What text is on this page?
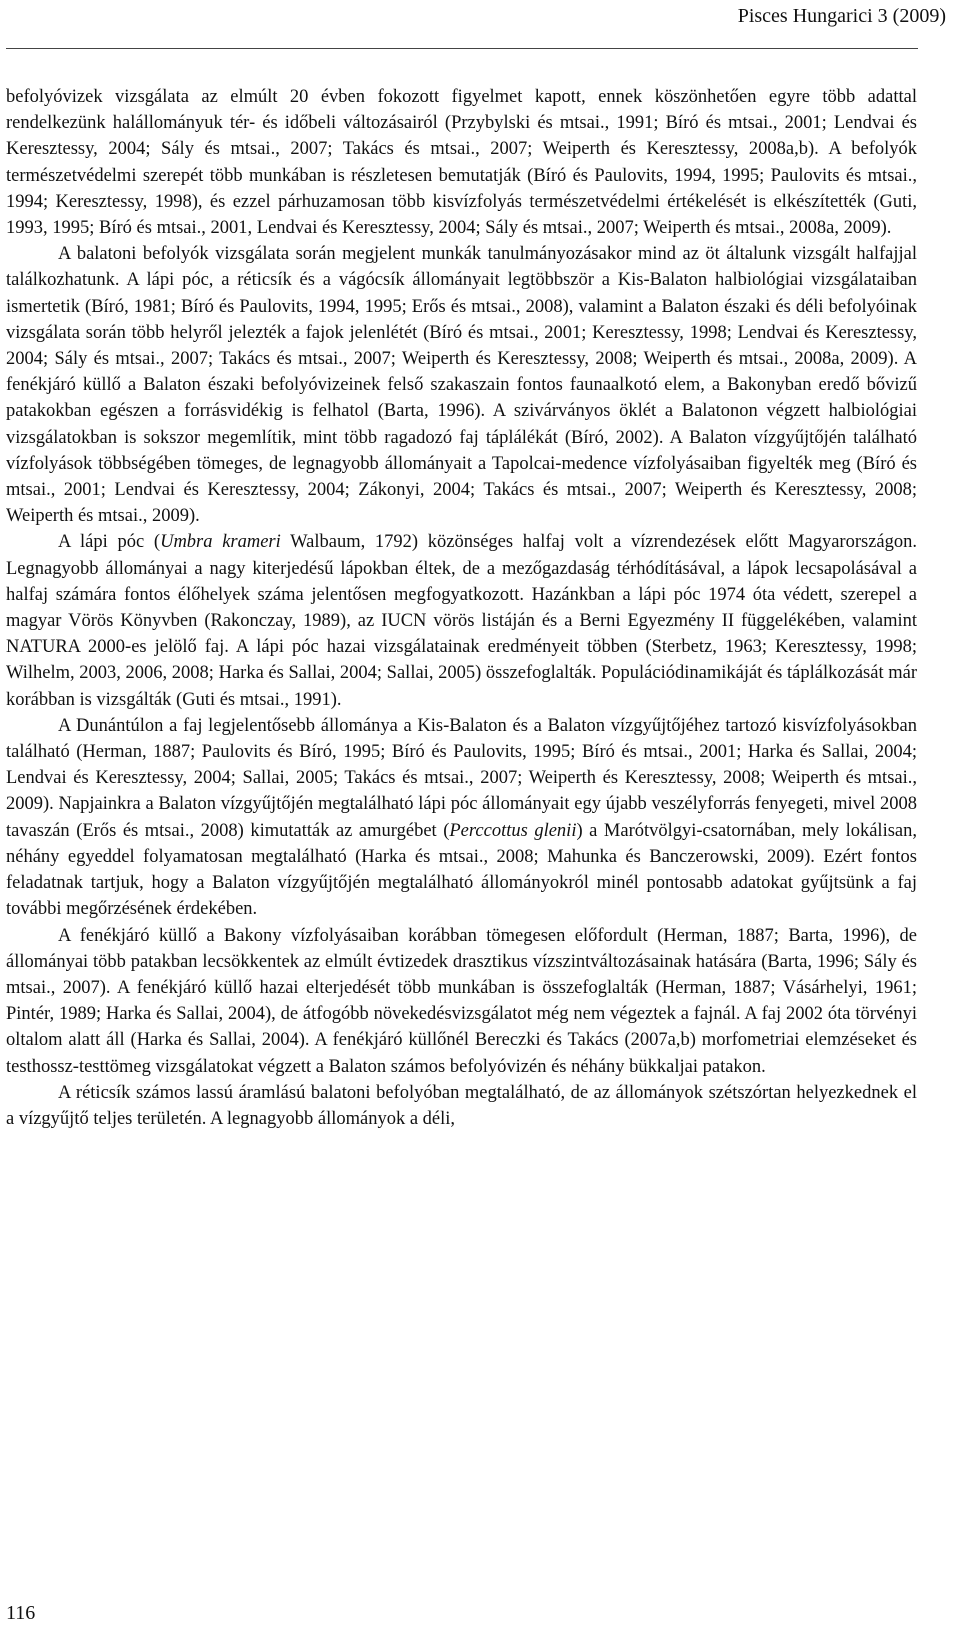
Pisces Hungarici 3 (2009)

befolyóvizek vizsgálata az elmúlt 20 évben fokozott figyelmet kapott, ennek köszönhetően egyre több adattal rendelkezünk halállományuk tér- és időbeli változásairól (Przybylski és mtsai., 1991; Bíró és mtsai., 2001; Lendvai és Keresztessy, 2004; Sály és mtsai., 2007; Takács és mtsai., 2007; Weiperth és Keresztessy, 2008a,b). A befolyók természetvédelmi szerepét több munkában is részletesen bemutatják (Bíró és Paulovits, 1994, 1995; Paulovits és mtsai., 1994; Keresztessy, 1998), és ezzel párhuzamosan több kisvízfolyás természetvédelmi értékelését is elkészítették (Guti, 1993, 1995; Bíró és mtsai., 2001, Lendvai és Keresztessy, 2004; Sály és mtsai., 2007; Weiperth és mtsai., 2008a, 2009).

A balatoni befolyók vizsgálata során megjelent munkák tanulmányozásakor mind az öt általunk vizsgált halfajjal találkozhatunk. A lápi póc, a réticsík és a vágócsík állományait legtöbbször a Kis-Balaton halbiológiai vizsgálataiban ismertetik (Bíró, 1981; Bíró és Paulovits, 1994, 1995; Erős és mtsai., 2008), valamint a Balaton északi és déli befolyóinak vizsgálata során több helyről jelezték a fajok jelenlétét (Bíró és mtsai., 2001; Keresztessy, 1998; Lendvai és Keresztessy, 2004; Sály és mtsai., 2007; Takács és mtsai., 2007; Weiperth és Keresztessy, 2008; Weiperth és mtsai., 2008a, 2009). A fenékjáró küllő a Balaton északi befolyóvizeinek felső szakaszain fontos faunaalkotó elem, a Bakonyban eredő bővizű patakokban egészen a forrásvidékig is felhatol (Barta, 1996). A szivárványos öklét a Balatonon végzett halbiológiai vizsgálatokban is sokszor megemlítik, mint több ragadozó faj táplálékát (Bíró, 2002). A Balaton vízgyűjtőjén található vízfolyások többségében tömeges, de legnagyobb állományait a Tapolcai-medence vízfolyásaiban figyelték meg (Bíró és mtsai., 2001; Lendvai és Keresztessy, 2004; Zákonyi, 2004; Takács és mtsai., 2007; Weiperth és Keresztessy, 2008; Weiperth és mtsai., 2009).

A lápi póc (Umbra krameri Walbaum, 1792) közönséges halfaj volt a vízrendezések előtt Magyarországon. Legnagyobb állományai a nagy kiterjedésű lápokban éltek, de a mezőgazdaság térhódításával, a lápok lecsapolásával a halfaj számára fontos élőhelyek száma jelentősen megfogyatkozott. Hazánkban a lápi póc 1974 óta védett, szerepel a magyar Vörös Könyvben (Rakonczay, 1989), az IUCN vörös listáján és a Berni Egyezmény II függelékében, valamint NATURA 2000-es jelölő faj. A lápi póc hazai vizsgálatainak eredményeit többen (Sterbetz, 1963; Keresztessy, 1998; Wilhelm, 2003, 2006, 2008; Harka és Sallai, 2004; Sallai, 2005) összefoglalták. Populációdinamikáját és táplálkozását már korábban is vizsgálták (Guti és mtsai., 1991).

A Dunántúlon a faj legjelentősebb állománya a Kis-Balaton és a Balaton vízgyűjtőjéhez tartozó kisvízfolyásokban található (Herman, 1887; Paulovits és Bíró, 1995; Bíró és Paulovits, 1995; Bíró és mtsai., 2001; Harka és Sallai, 2004; Lendvai és Keresztessy, 2004; Sallai, 2005; Takács és mtsai., 2007; Weiperth és Keresztessy, 2008; Weiperth és mtsai., 2009). Napjainkra a Balaton vízgyűjtőjén megtalálható lápi póc állományait egy újabb veszélyforrás fenyegeti, mivel 2008 tavaszán (Erős és mtsai., 2008) kimutatták az amurgébet (Perccottus glenii) a Marótvölgyi-csatornában, mely lokálisan, néhány egyeddel folyamatosan megtalálható (Harka és mtsai., 2008; Mahunka és Banczerowski, 2009). Ezért fontos feladatnak tartjuk, hogy a Balaton vízgyűjtőjén megtalálható állományokról minél pontosabb adatokat gyűjtsünk a faj további megőrzésének érdekében.

A fenékjáró küllő a Bakony vízfolyásaiban korábban tömegesen előfordult (Herman, 1887; Barta, 1996), de állományai több patakban lecsökkentek az elmúlt évtizedek drasztikus vízszintváltozásainak hatására (Barta, 1996; Sály és mtsai., 2007). A fenékjáró küllő hazai elterjedését több munkában is összefoglalták (Herman, 1887; Vásárhelyi, 1961; Pintér, 1989; Harka és Sallai, 2004), de átfogóbb növekedésvizsgálatot még nem végeztek a fajnál. A faj 2002 óta törvényi oltalom alatt áll (Harka és Sallai, 2004). A fenékjáró küllőnél Bereczki és Takács (2007a,b) morfometriai elemzéseket és testhossz-testtömeg vizsgálatokat végzett a Balaton számos befolyóvizén és néhány bükkaljai patakon.

A réticsík számos lassú áramlású balatoni befolyóban megtalálható, de az állományok szétszórtan helyezkednek el a vízgyűjtő teljes területén. A legnagyobb állományok a déli,

116
